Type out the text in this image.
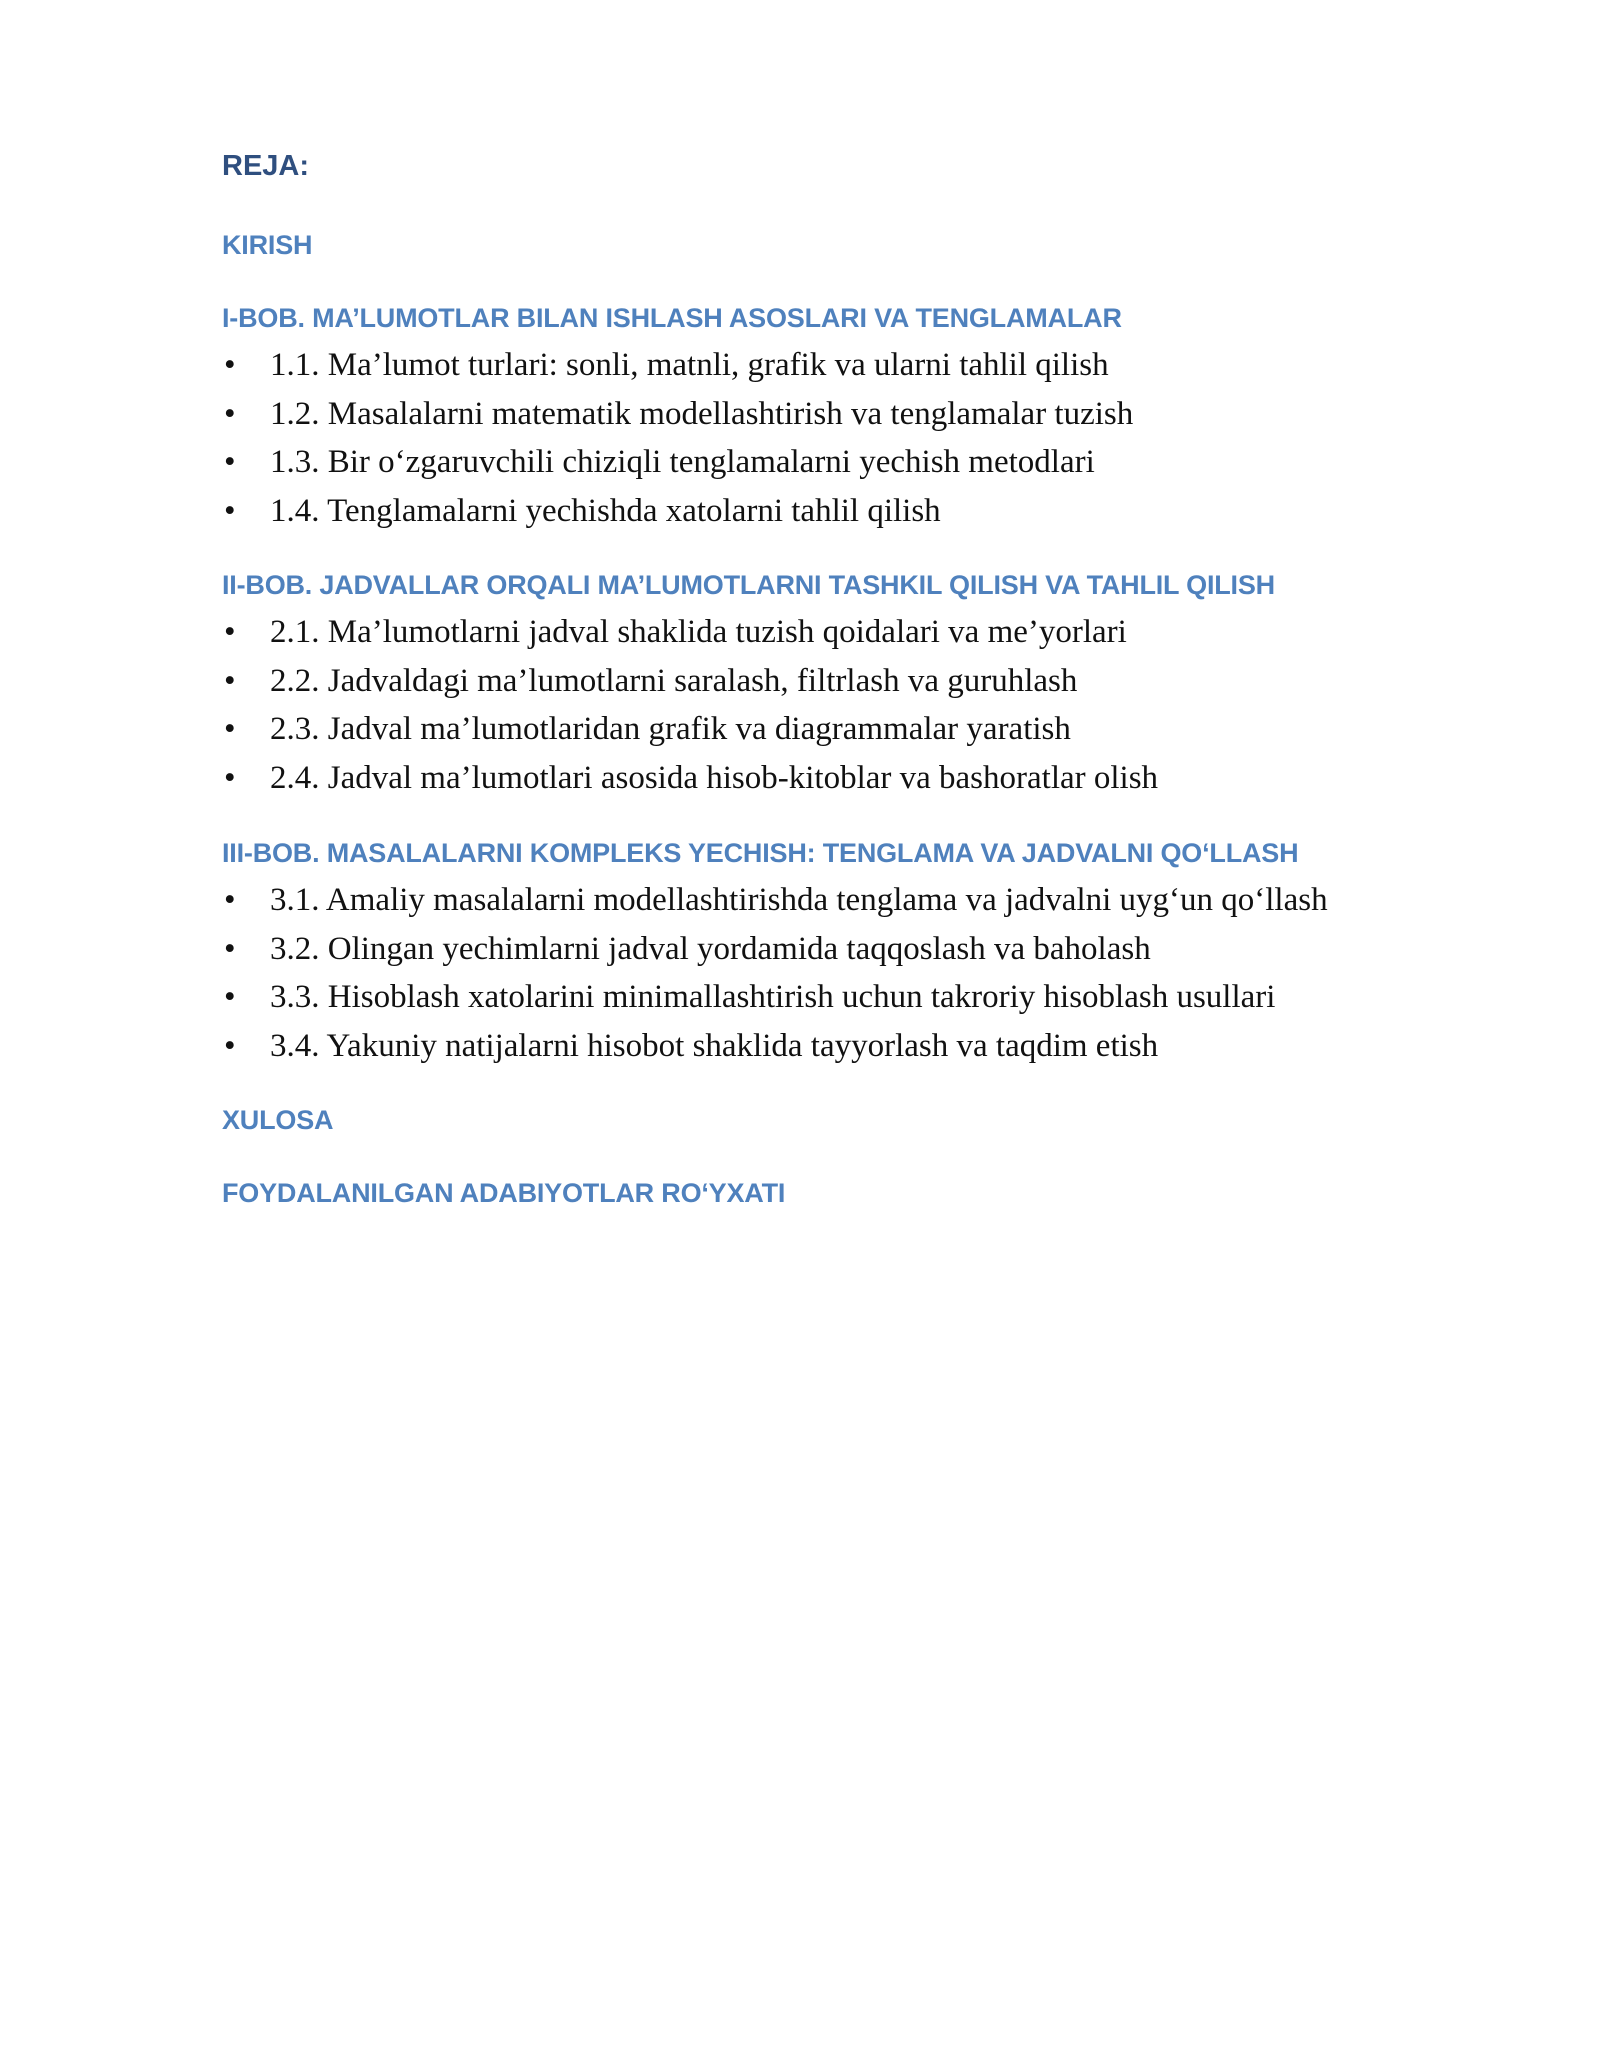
REJA:
KIRISH
I-BOB. MA’LUMOTLAR BILAN ISHLASH ASOSLARI VA TENGLAMALAR
• 1.1. Ma’lumot turlari: sonli, matnli, grafik va ularni tahlil qilish
• 1.2. Masalalarni matematik modellashtirish va tenglamalar tuzish
• 1.3. Bir o‘zgaruvchili chiziqli tenglamalarni yechish metodlari
• 1.4. Tenglamalarni yechishda xatolarni tahlil qilish
II-BOB. JADVALLAR ORQALI MA’LUMOTLARNI TASHKIL QILISH VA TAHLIL QILISH
• 2.1. Ma’lumotlarni jadval shaklida tuzish qoidalari va me’yorlari
• 2.2. Jadvaldagi ma’lumotlarni saralash, filtrlash va guruhlash
• 2.3. Jadval ma’lumotlaridan grafik va diagrammalar yaratish
• 2.4. Jadval ma’lumotlari asosida hisob-kitoblar va bashoratlar olish
III-BOB. MASALALARNI KOMPLEKS YECHISH: TENGLAMA VA JADVALNI QO‘LLASH
• 3.1. Amaliy masalalarni modellashtirishda tenglama va jadvalni uyg‘un qo‘llash
• 3.2. Olingan yechimlarni jadval yordamida taqqoslash va baholash
• 3.3. Hisoblash xatolarini minimallashtirish uchun takroriy hisoblash usullari
• 3.4. Yakuniy natijalarni hisobot shaklida tayyorlash va taqdim etish
XULOSA
FOYDALANILGAN ADABIYOTLAR RO‘YXATI
